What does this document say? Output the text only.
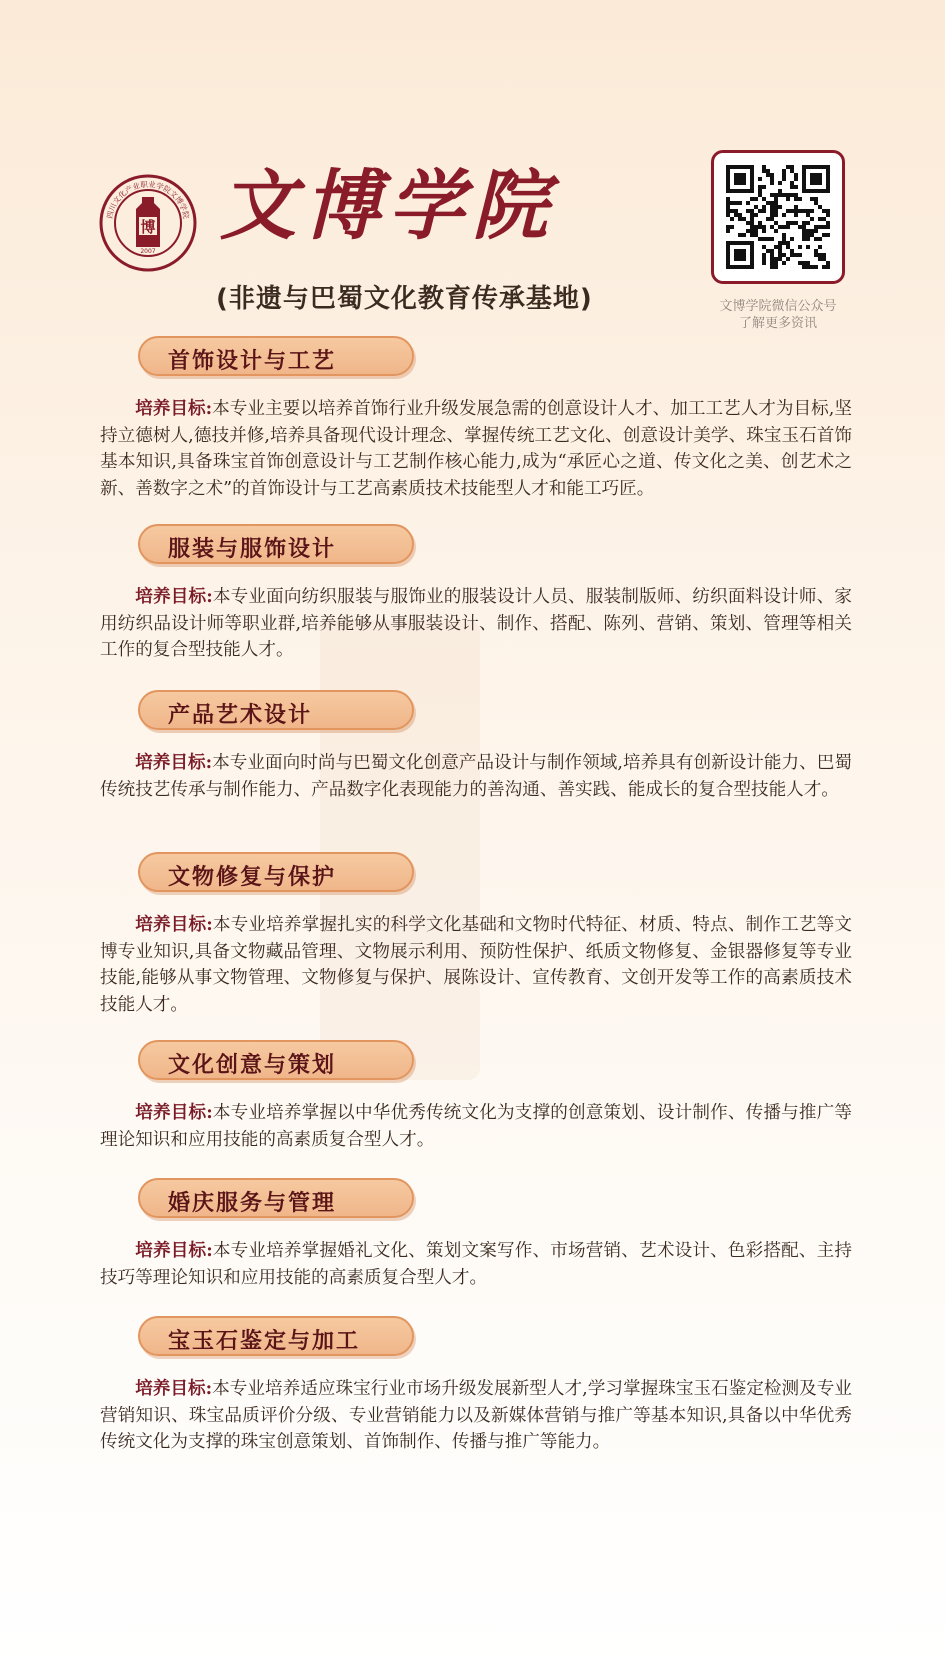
博
2007
四川文化产业职业学院文博学院 文博学院
(非遗与巴蜀文化教育传承基地)	文博学院微信公众号
了解更多资讯
首饰设计与工艺
培养目标:本专业主要以培养首饰行业升级发展急需的创意设计人才、加工工艺人才为目标,坚持立德树人,德技并修,培养具备现代设计理念、掌握传统工艺文化、创意设计美学、珠宝玉石首饰基本知识,具备珠宝首饰创意设计与工艺制作核心能力,成为“承匠心之道、传文化之美、创艺术之新、善数字之术”的首饰设计与工艺高素质技术技能型人才和能工巧匠。
服装与服饰设计
培养目标:本专业面向纺织服装与服饰业的服装设计人员、服装制版师、纺织面料设计师、家用纺织品设计师等职业群,培养能够从事服装设计、制作、搭配、陈列、营销、策划、管理等相关工作的复合型技能人才。
产品艺术设计
培养目标:本专业面向时尚与巴蜀文化创意产品设计与制作领域,培养具有创新设计能力、巴蜀传统技艺传承与制作能力、产品数字化表现能力的善沟通、善实践、能成长的复合型技能人才。
文物修复与保护
培养目标:本专业培养掌握扎实的科学文化基础和文物时代特征、材质、特点、制作工艺等文博专业知识,具备文物藏品管理、文物展示利用、预防性保护、纸质文物修复、金银器修复等专业技能,能够从事文物管理、文物修复与保护、展陈设计、宣传教育、文创开发等工作的高素质技术技能人才。
文化创意与策划
培养目标:本专业培养掌握以中华优秀传统文化为支撑的创意策划、设计制作、传播与推广等理论知识和应用技能的高素质复合型人才。
婚庆服务与管理
培养目标:本专业培养掌握婚礼文化、策划文案写作、市场营销、艺术设计、色彩搭配、主持技巧等理论知识和应用技能的高素质复合型人才。
宝玉石鉴定与加工
培养目标:本专业培养适应珠宝行业市场升级发展新型人才,学习掌握珠宝玉石鉴定检测及专业营销知识、珠宝品质评价分级、专业营销能力以及新媒体营销与推广等基本知识,具备以中华优秀传统文化为支撑的珠宝创意策划、首饰制作、传播与推广等能力。
